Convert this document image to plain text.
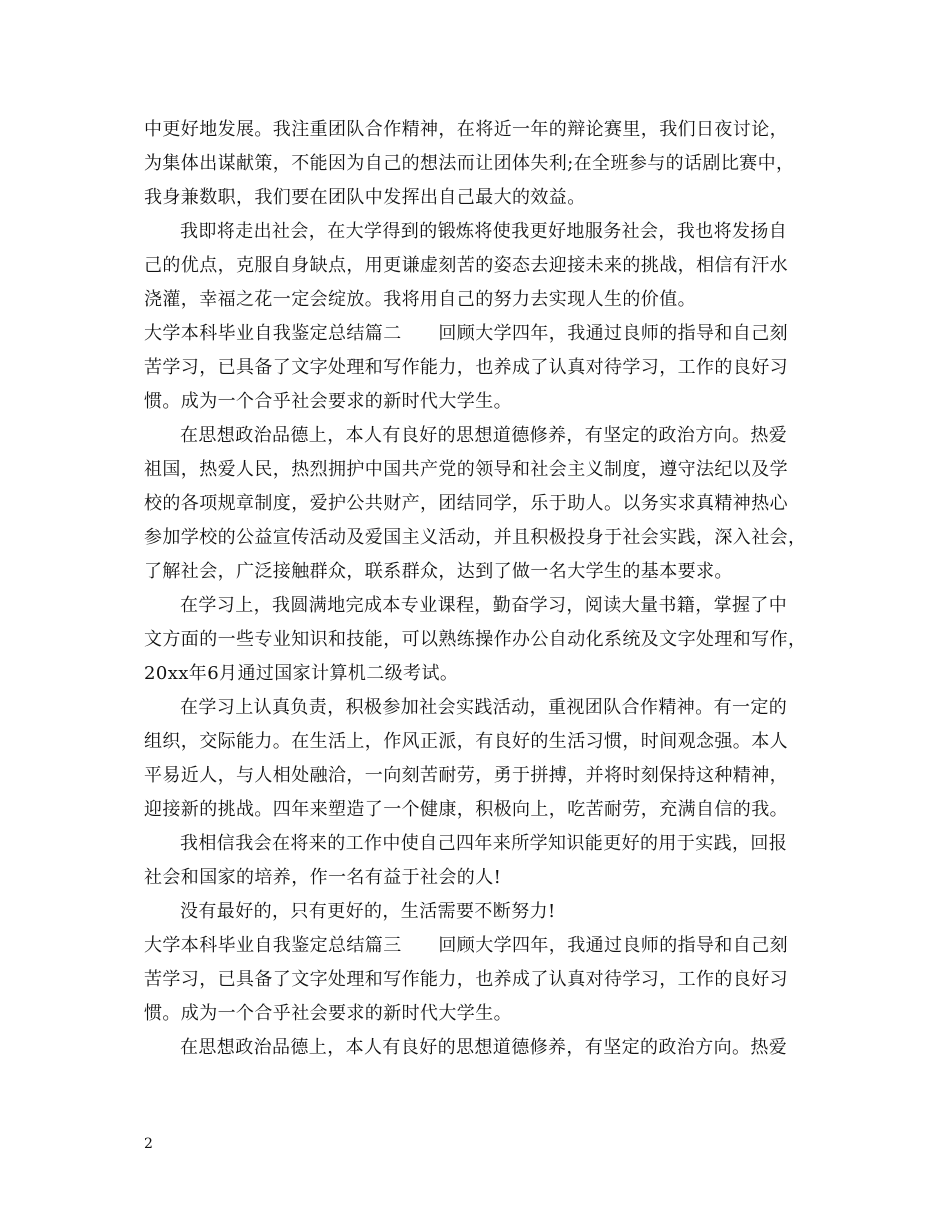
中更好地发展。我注重团队合作精神，在将近一年的辩论赛里，我们日夜讨论，
为集体出谋献策，不能因为自己的想法而让团体失利;在全班参与的话剧比赛中，
我身兼数职，我们要在团队中发挥出自己最大的效益。
我即将走出社会，在大学得到的锻炼将使我更好地服务社会，我也将发扬自
己的优点，克服自身缺点，用更谦虚刻苦的姿态去迎接未来的挑战，相信有汗水
浇灌，幸福之花一定会绽放。我将用自己的努力去实现人生的价值。
大学本科毕业自我鉴定总结篇二　　回顾大学四年，我通过良师的指导和自己刻
苦学习，已具备了文字处理和写作能力，也养成了认真对待学习，工作的良好习
惯。成为一个合乎社会要求的新时代大学生。
在思想政治品德上，本人有良好的思想道德修养，有坚定的政治方向。热爱
祖国，热爱人民，热烈拥护中国共产党的领导和社会主义制度，遵守法纪以及学
校的各项规章制度，爱护公共财产，团结同学，乐于助人。以务实求真精神热心
参加学校的公益宣传活动及爱国主义活动，并且积极投身于社会实践，深入社会，
了解社会，广泛接触群众，联系群众，达到了做一名大学生的基本要求。
在学习上，我圆满地完成本专业课程，勤奋学习，阅读大量书籍，掌握了中
文方面的一些专业知识和技能，可以熟练操作办公自动化系统及文字处理和写作，
20xx年6月通过国家计算机二级考试。
在学习上认真负责，积极参加社会实践活动，重视团队合作精神。有一定的
组织，交际能力。在生活上，作风正派，有良好的生活习惯，时间观念强。本人
平易近人，与人相处融洽，一向刻苦耐劳，勇于拼搏，并将时刻保持这种精神，
迎接新的挑战。四年来塑造了一个健康，积极向上，吃苦耐劳，充满自信的我。
我相信我会在将来的工作中使自己四年来所学知识能更好的用于实践，回报
社会和国家的培养，作一名有益于社会的人!
没有最好的，只有更好的，生活需要不断努力!
大学本科毕业自我鉴定总结篇三　　回顾大学四年，我通过良师的指导和自己刻
苦学习，已具备了文字处理和写作能力，也养成了认真对待学习，工作的良好习
惯。成为一个合乎社会要求的新时代大学生。
在思想政治品德上，本人有良好的思想道德修养，有坚定的政治方向。热爱
2
